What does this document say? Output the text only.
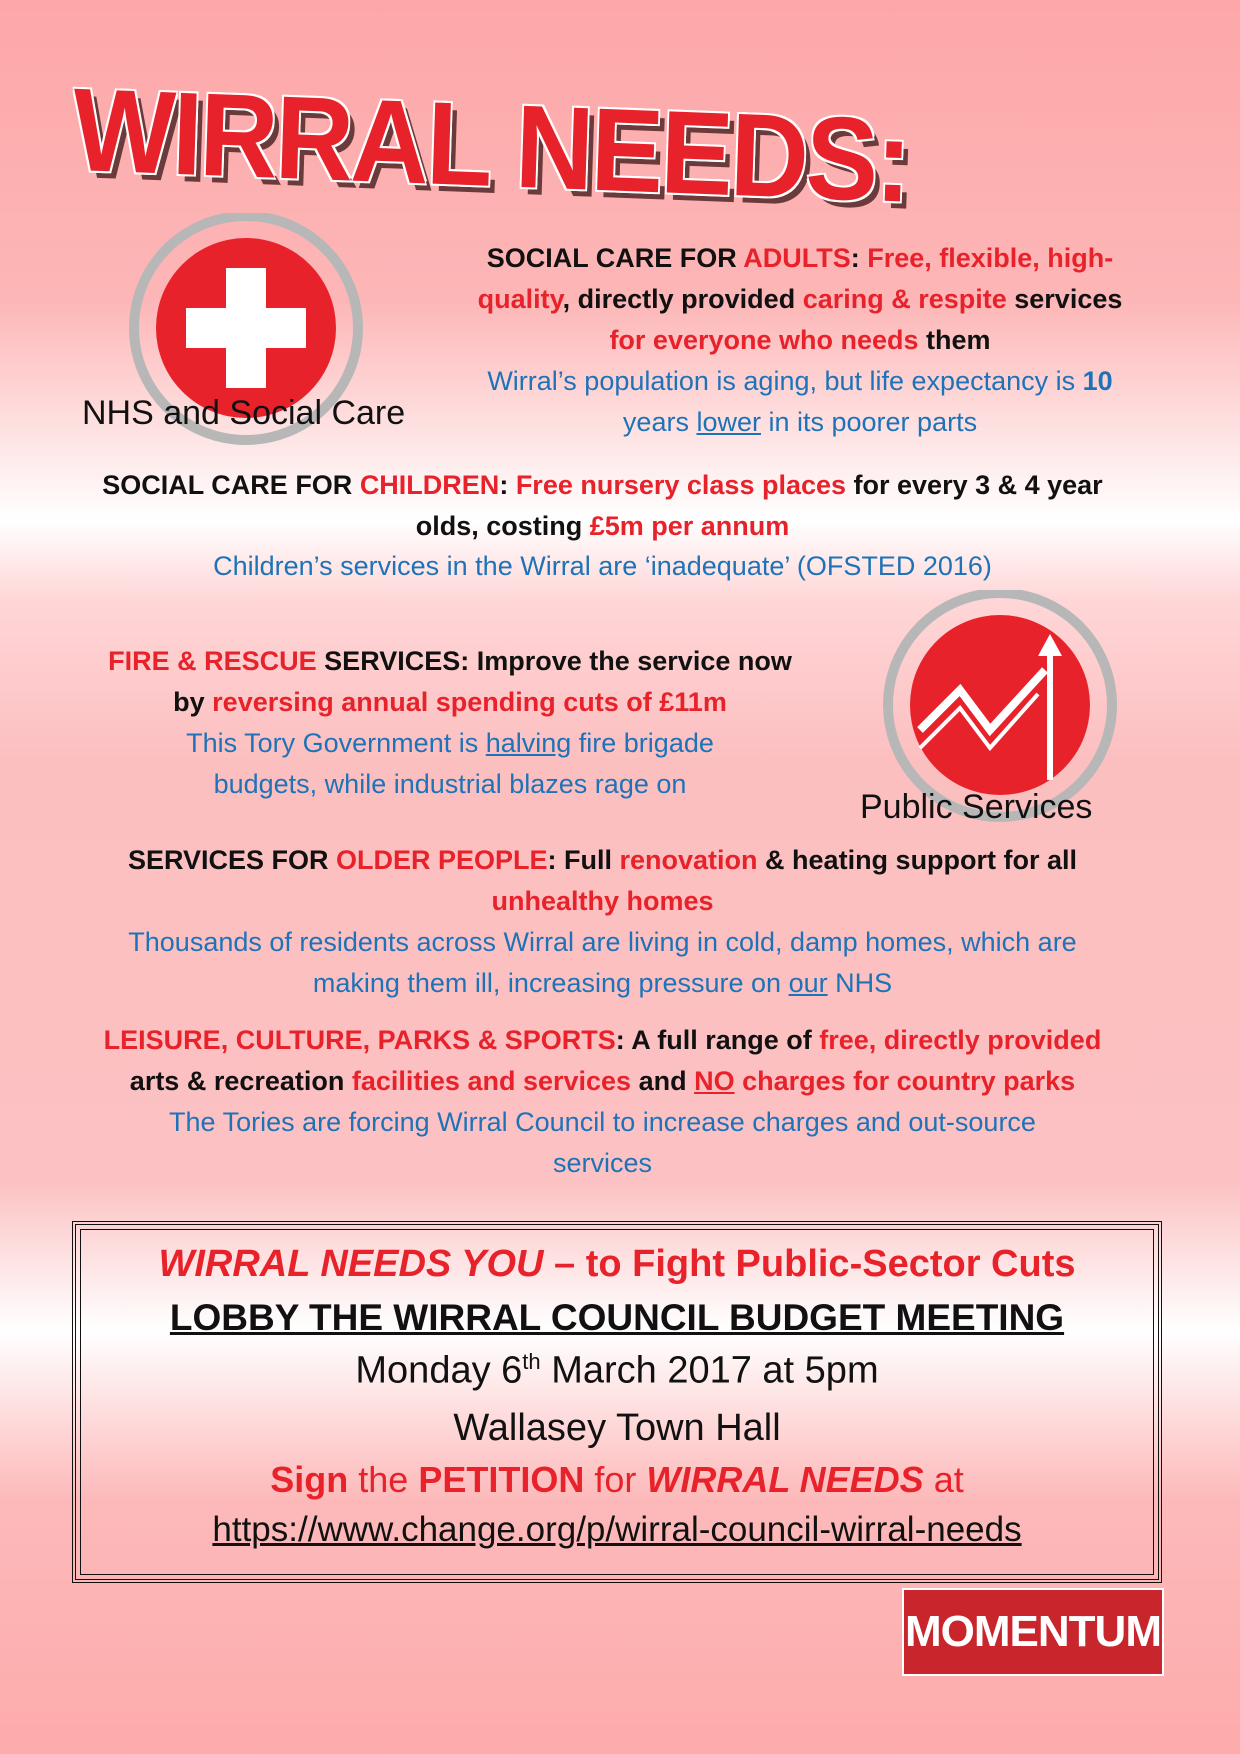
WIRRAL NEEDS:
NHS and Social Care
SOCIAL CARE FOR ADULTS: Free, flexible, high-
quality, directly provided caring & respite services
for everyone who needs them
Wirral’s population is aging, but life expectancy is 10
years lower in its poorer parts
SOCIAL CARE FOR CHILDREN: Free nursery class places for every 3 & 4 year
olds, costing £5m per annum
Children’s services in the Wirral are ‘inadequate’ (OFSTED 2016)
Public Services
FIRE & RESCUE SERVICES: Improve the service now
by reversing annual spending cuts of £11m
This Tory Government is halving fire brigade
budgets, while industrial blazes rage on
SERVICES FOR OLDER PEOPLE: Full renovation & heating support for all
unhealthy homes
Thousands of residents across Wirral are living in cold, damp homes, which are
making them ill, increasing pressure on our NHS
LEISURE, CULTURE, PARKS & SPORTS: A full range of free, directly provided
arts & recreation facilities and services and NO charges for country parks
The Tories are forcing Wirral Council to increase charges and out-source
services
WIRRAL NEEDS YOU – to Fight Public-Sector Cuts
LOBBY THE WIRRAL COUNCIL BUDGET MEETING
Monday 6th March 2017 at 5pm
Wallasey Town Hall
Sign the PETITION for WIRRAL NEEDS at
https://www.change.org/p/wirral-council-wirral-needs
MOMENTUM
